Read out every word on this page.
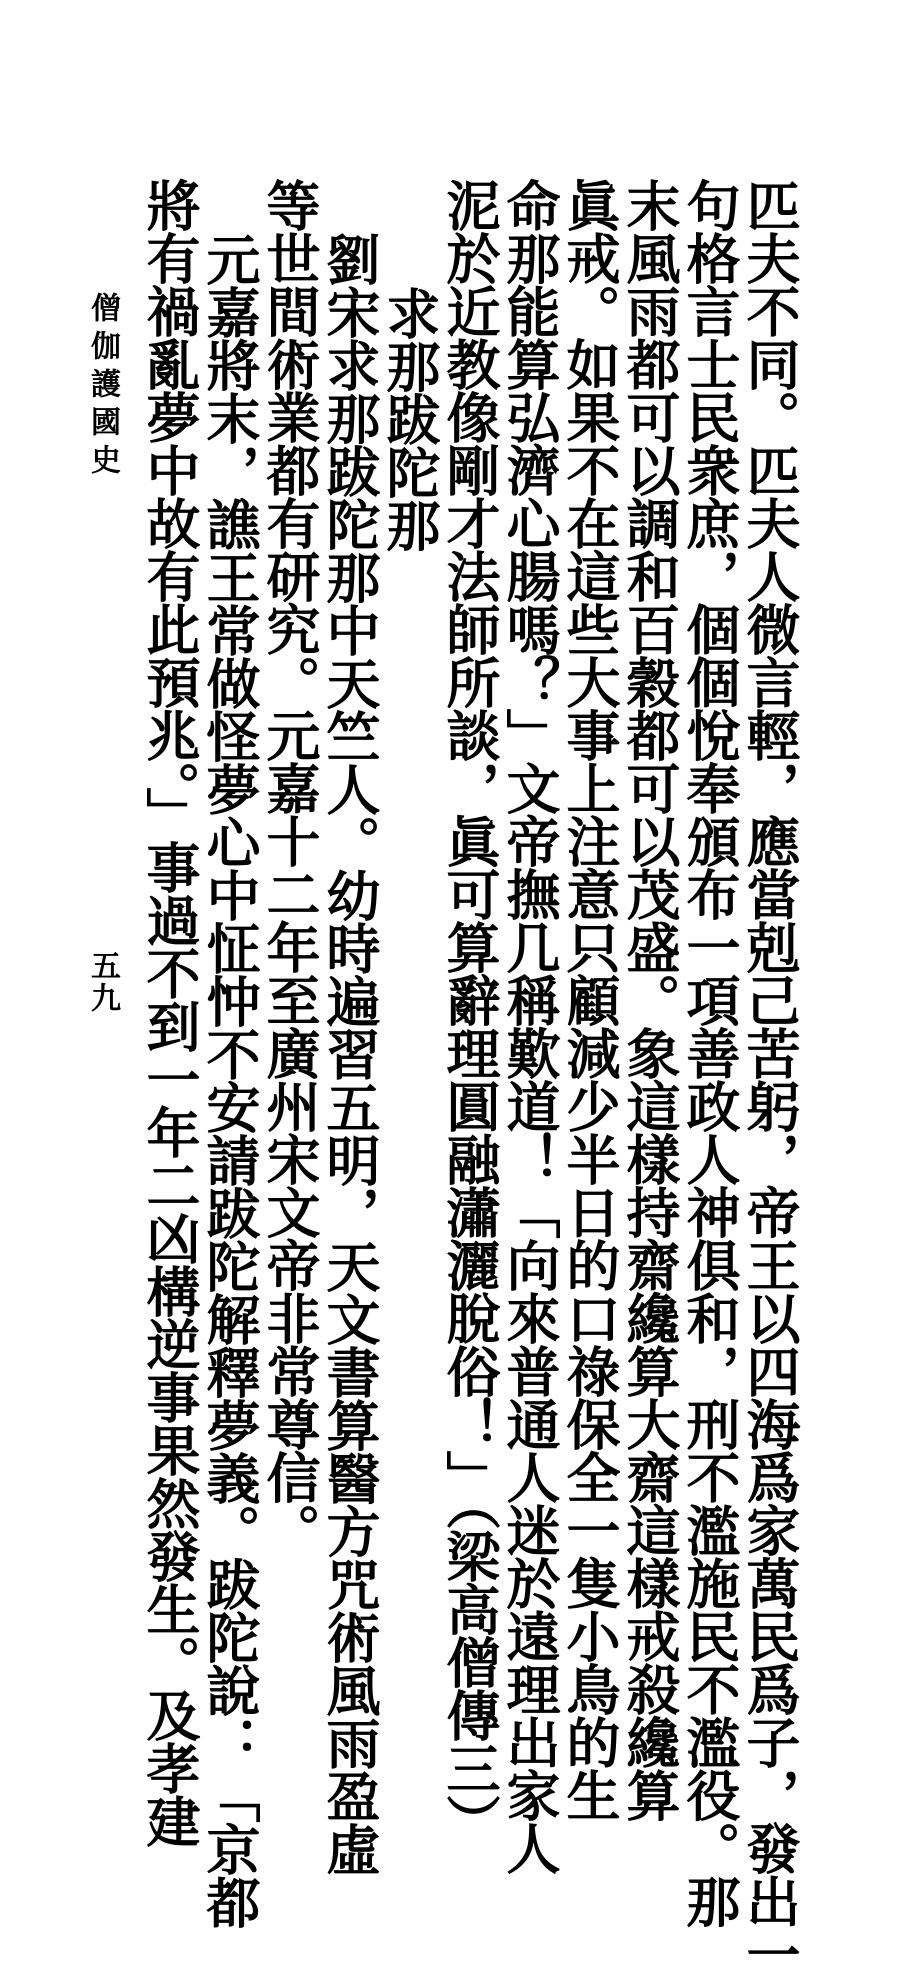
匹夫不同。匹夫人微言輕，應當剋己苦躬，帝王以四海爲家萬民爲子，發出一

句格言士民衆庶，個個悅奉頒布一項善政人神俱和，刑不濫施民不濫役。那

末風雨都可以調和百穀都可以茂盛。象這樣持齋纔算大齋這樣戒殺纔算

眞戒。如果不在這些大事上注意只顧減少半日的口祿保全一隻小鳥的生

命那能算弘濟心腸嗎？」文帝撫几稱歎道！「向來普通人迷於遠理出家人

泥於近教像剛才法師所談，眞可算辭理圓融瀟灑脫俗！」（梁高僧傳三）

求那跋陀那

劉宋求那跋陀那中天竺人。幼時遍習五明，天文書算醫方咒術風雨盈虛

等世間術業都有研究。元嘉十二年至廣州宋文帝非常尊信。

元嘉將末，譙王常做怪夢心中怔忡不安請跋陀解釋夢義。跋陀說：「京都

將有禍亂夢中故有此預兆。」事過不到一年二凶構逆事果然發生。及孝建

僧伽護國史
五九
